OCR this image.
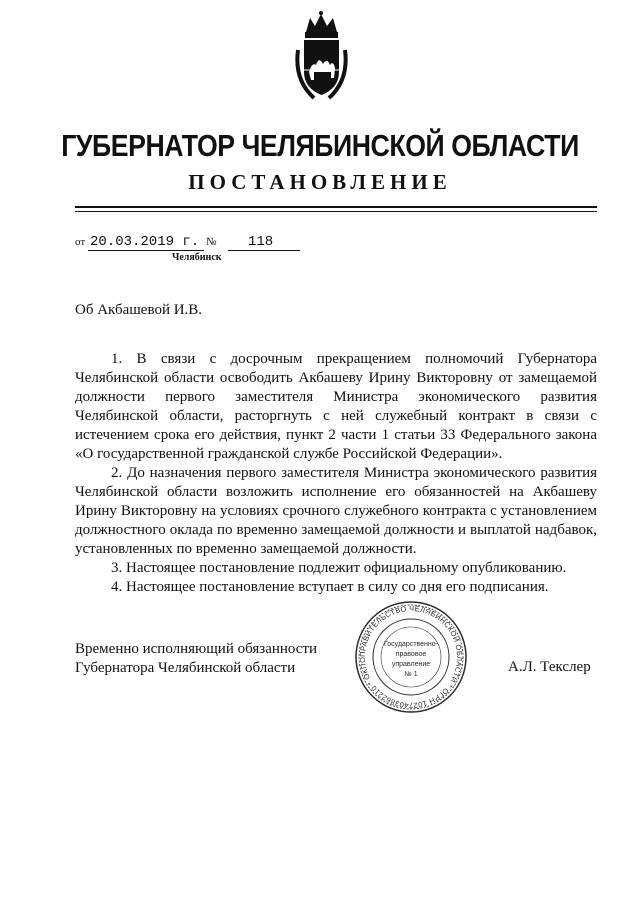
ГУБЕРНАТОР ЧЕЛЯБИНСКОЙ ОБЛАСТИ
ПОСТАНОВЛЕНИЕ
от 20.03.2019 г. №	118
Челябинск
Об Акбашевой И.В.

1. В связи с досрочным прекращением полномочий Губернатора Челябинской области освободить Акбашеву Ирину Викторовну от замещаемой должности первого заместителя Министра экономического развития Челябинской области, расторгнуть с ней служебный контракт в связи с истечением срока его действия, пункт 2 части 1 статьи 33 Федерального закона «О государственной гражданской службе Российской Федерации».

2. До назначения первого заместителя Министра экономического развития Челябинской области возложить исполнение его обязанностей на Акбашеву Ирину Викторовну на условиях срочного служебного контракта с установлением должностного оклада по временно замещаемой должности и выплатой надбавок, установленных по временно замещаемой должности.

3. Настоящее постановление подлежит официальному опубликованию.

4. Настоящее постановление вступает в силу со дня его подписания.

Временно исполняющий обязанности
Губернатора Челябинской области
ПРАВИТЕЛЬСТВО ЧЕЛЯБИНСКОЙ ОБЛАСТИ * ОГРН 1027403862210 * ОКПО
Государственно-
правовое
управление
№ 1	А.Л. Текслер
